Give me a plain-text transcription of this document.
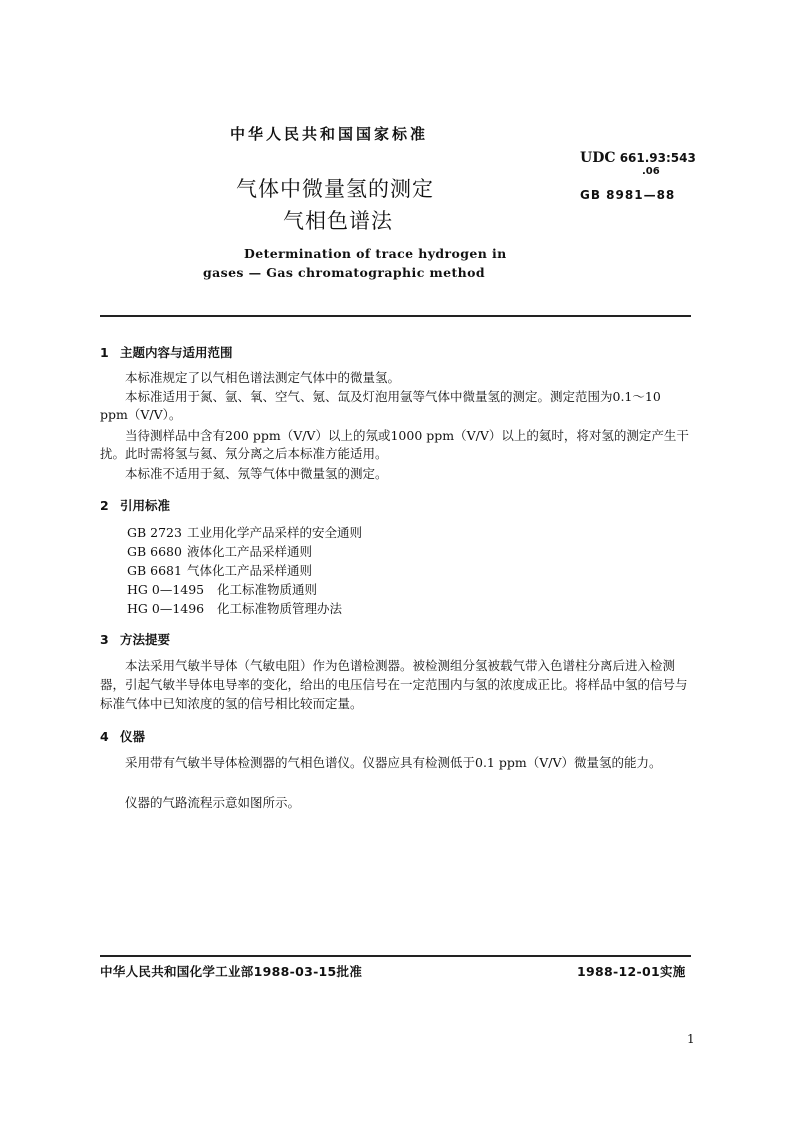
中华人民共和国国家标准
UDC 661.93:543
.06
GB 8981—88
气体中微量氢的测定
气相色谱法
Determination of trace hydrogen in
gases — Gas chromatographic method
1 主题内容与适用范围
本标准规定了以气相色谱法测定气体中的微量氢。
本标准适用于氮、氩、氧、空气、氪、氙及灯泡用氩等气体中微量氢的测定。测定范围为0.1～10 ppm（V/V）。
当待测样品中含有200 ppm（V/V）以上的氖或1000 ppm（V/V）以上的氦时，将对氢的测定产生干扰。此时需将氢与氦、氖分离之后本标准方能适用。
本标准不适用于氦、氖等气体中微量氢的测定。
2 引用标准
GB 2723 工业用化学产品采样的安全通则
GB 6680 液体化工产品采样通则
GB 6681 气体化工产品采样通则
HG 0—1495 化工标准物质通则
HG 0—1496 化工标准物质管理办法
3 方法提要
本法采用气敏半导体（气敏电阻）作为色谱检测器。被检测组分氢被载气带入色谱柱分离后进入检测器，引起气敏半导体电导率的变化，给出的电压信号在一定范围内与氢的浓度成正比。将样品中氢的信号与标准气体中已知浓度的氢的信号相比较而定量。
4 仪器
采用带有气敏半导体检测器的气相色谱仪。仪器应具有检测低于0.1 ppm（V/V）微量氢的能力。
仪器的气路流程示意如图所示。
中华人民共和国化学工业部1988-03-15批准	1988-12-01实施
1
